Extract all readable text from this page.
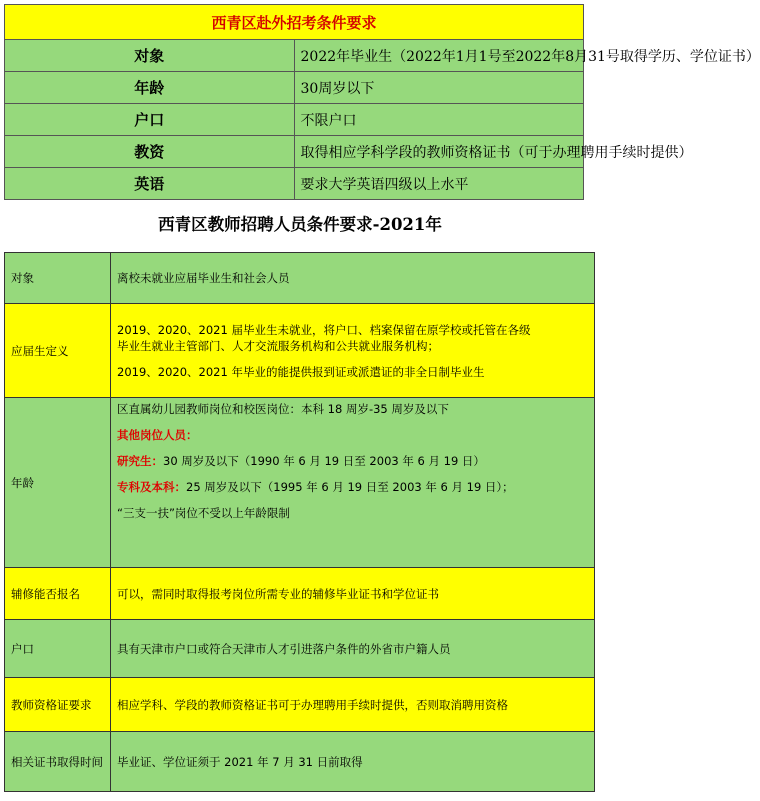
西青区赴外招考条件要求	
对象	2022年毕业生（2022年1月1号至2022年8月31号取得学历、学位证书）
年龄	30周岁以下
户口	不限户口
教资	取得相应学科学段的教师资格证书（可于办理聘用手续时提供）
英语	要求大学英语四级以上水平
西青区教师招聘人员条件要求-2021年
对象	离校未就业应届毕业生和社会人员
应届生定义	2019、2020、2021 届毕业生未就业，将户口、档案保留在原学校或托管在各级
毕业生就业主管部门、人才交流服务机构和公共就业服务机构；
2019、2020、2021 年毕业的能提供报到证或派遣证的非全日制毕业生

年龄	区直属幼儿园教师岗位和校医岗位：本科 18 周岁-35 周岁及以下
其他岗位人员：
研究生：30 周岁及以下（1990 年 6 月 19 日至 2003 年 6 月 19 日）
专科及本科：25 周岁及以下（1995 年 6 月 19 日至 2003 年 6 月 19 日）；
“三支一扶”岗位不受以上年龄限制

辅修能否报名	可以，需同时取得报考岗位所需专业的辅修毕业证书和学位证书
户口	具有天津市户口或符合天津市人才引进落户条件的外省市户籍人员
教师资格证要求	相应学科、学段的教师资格证书可于办理聘用手续时提供，否则取消聘用资格
相关证书取得时间	毕业证、学位证须于 2021 年 7 月 31 日前取得
